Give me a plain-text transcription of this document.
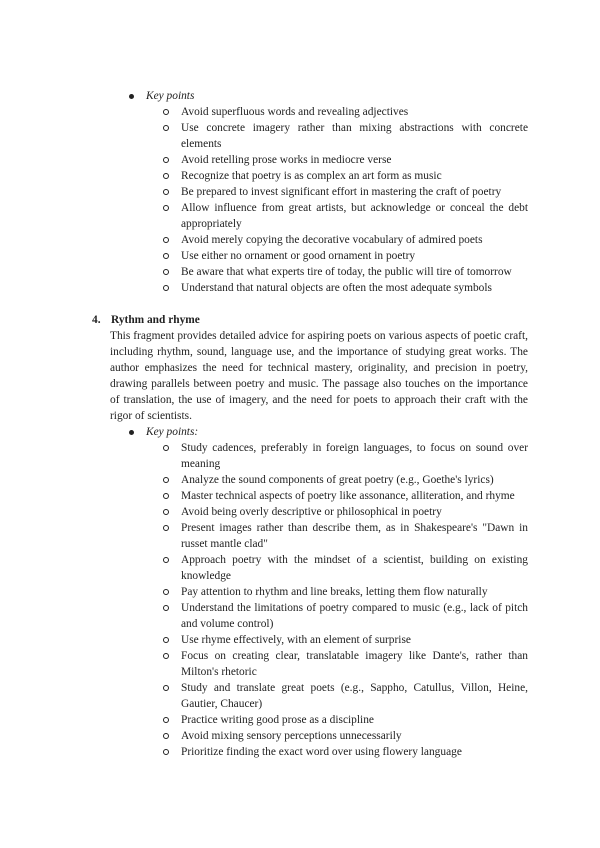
Key points
Avoid superfluous words and revealing adjectives
Use concrete imagery rather than mixing abstractions with concrete elements
Avoid retelling prose works in mediocre verse
Recognize that poetry is as complex an art form as music
Be prepared to invest significant effort in mastering the craft of poetry
Allow influence from great artists, but acknowledge or conceal the debt appropriately
Avoid merely copying the decorative vocabulary of admired poets
Use either no ornament or good ornament in poetry
Be aware that what experts tire of today, the public will tire of tomorrow
Understand that natural objects are often the most adequate symbols
4. Rythm and rhyme

This fragment provides detailed advice for aspiring poets on various aspects of poetic craft, including rhythm, sound, language use, and the importance of studying great works. The author emphasizes the need for technical mastery, originality, and precision in poetry, drawing parallels between poetry and music. The passage also touches on the importance of translation, the use of imagery, and the need for poets to approach their craft with the rigor of scientists.

Key points:
Study cadences, preferably in foreign languages, to focus on sound over meaning
Analyze the sound components of great poetry (e.g., Goethe's lyrics)
Master technical aspects of poetry like assonance, alliteration, and rhyme
Avoid being overly descriptive or philosophical in poetry
Present images rather than describe them, as in Shakespeare's "Dawn in russet mantle clad"
Approach poetry with the mindset of a scientist, building on existing knowledge
Pay attention to rhythm and line breaks, letting them flow naturally
Understand the limitations of poetry compared to music (e.g., lack of pitch and volume control)
Use rhyme effectively, with an element of surprise
Focus on creating clear, translatable imagery like Dante's, rather than Milton's rhetoric
Study and translate great poets (e.g., Sappho, Catullus, Villon, Heine, Gautier, Chaucer)
Practice writing good prose as a discipline
Avoid mixing sensory perceptions unnecessarily
Prioritize finding the exact word over using flowery language
